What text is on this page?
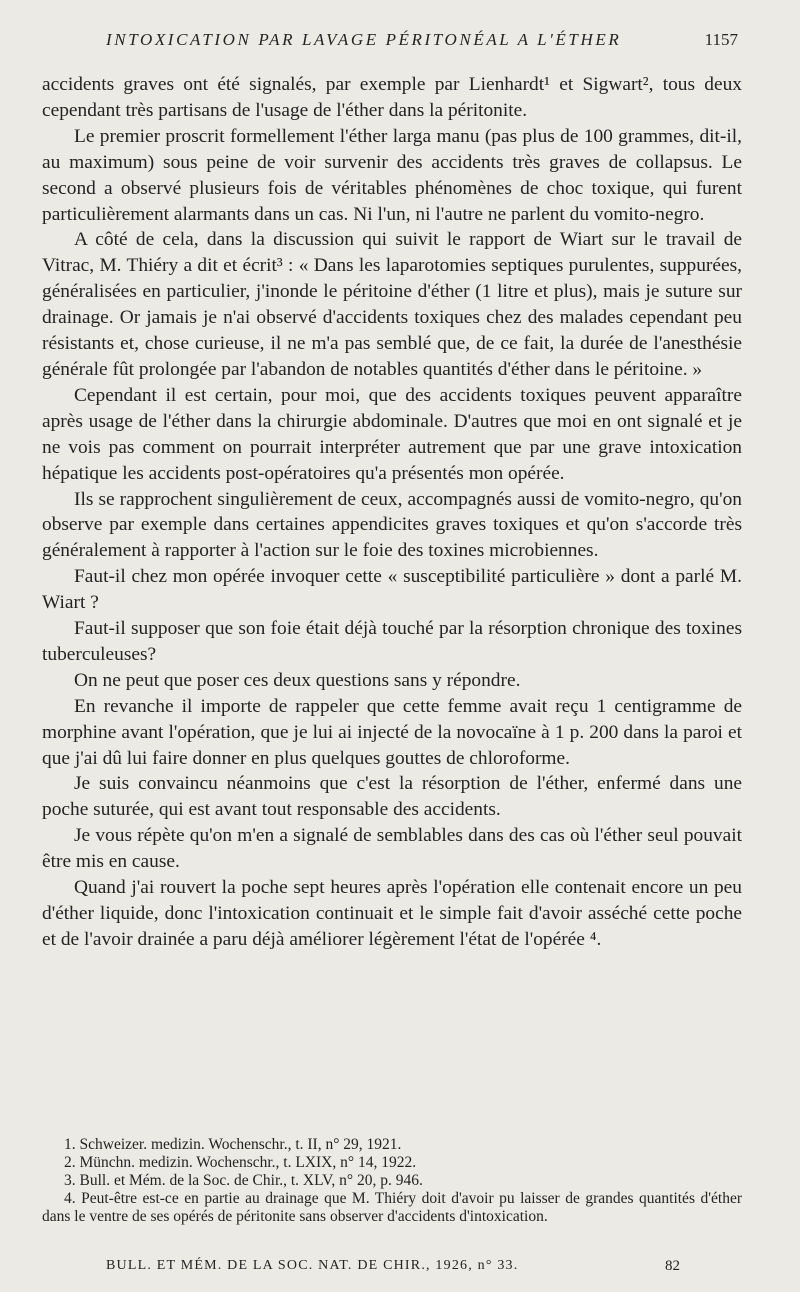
INTOXICATION PAR LAVAGE PÉRITONÉAL A L'ÉTHER	1157

accidents graves ont été signalés, par exemple par Lienhardt¹ et Sigwart², tous deux cependant très partisans de l'usage de l'éther dans la péritonite.

Le premier proscrit formellement l'éther larga manu (pas plus de 100 grammes, dit-il, au maximum) sous peine de voir survenir des accidents très graves de collapsus. Le second a observé plusieurs fois de véritables phénomènes de choc toxique, qui furent particulièrement alarmants dans un cas. Ni l'un, ni l'autre ne parlent du vomito-negro.

A côté de cela, dans la discussion qui suivit le rapport de Wiart sur le travail de Vitrac, M. Thiéry a dit et écrit³ : « Dans les laparotomies septiques purulentes, suppurées, généralisées en particulier, j'inonde le péritoine d'éther (1 litre et plus), mais je suture sur drainage. Or jamais je n'ai observé d'accidents toxiques chez des malades cependant peu résistants et, chose curieuse, il ne m'a pas semblé que, de ce fait, la durée de l'anesthésie générale fût prolongée par l'abandon de notables quantités d'éther dans le péritoine. »

Cependant il est certain, pour moi, que des accidents toxiques peuvent apparaître après usage de l'éther dans la chirurgie abdominale. D'autres que moi en ont signalé et je ne vois pas comment on pourrait interpréter autrement que par une grave intoxication hépatique les accidents post-opératoires qu'a présentés mon opérée.

Ils se rapprochent singulièrement de ceux, accompagnés aussi de vomito-negro, qu'on observe par exemple dans certaines appendicites graves toxiques et qu'on s'accorde très généralement à rapporter à l'action sur le foie des toxines microbiennes.

Faut-il chez mon opérée invoquer cette « susceptibilité particulière » dont a parlé M. Wiart ?

Faut-il supposer que son foie était déjà touché par la résorption chronique des toxines tuberculeuses?

On ne peut que poser ces deux questions sans y répondre.

En revanche il importe de rappeler que cette femme avait reçu 1 centigramme de morphine avant l'opération, que je lui ai injecté de la novocaïne à 1 p. 200 dans la paroi et que j'ai dû lui faire donner en plus quelques gouttes de chloroforme.

Je suis convaincu néanmoins que c'est la résorption de l'éther, enfermé dans une poche suturée, qui est avant tout responsable des accidents.

Je vous répète qu'on m'en a signalé de semblables dans des cas où l'éther seul pouvait être mis en cause.

Quand j'ai rouvert la poche sept heures après l'opération elle contenait encore un peu d'éther liquide, donc l'intoxication continuait et le simple fait d'avoir asséché cette poche et de l'avoir drainée a paru déjà améliorer légèrement l'état de l'opérée ⁴.

1. Schweizer. medizin. Wochenschr., t. II, n° 29, 1921.

2. Münchn. medizin. Wochenschr., t. LXIX, n° 14, 1922.

3. Bull. et Mém. de la Soc. de Chir., t. XLV, n° 20, p. 946.

4. Peut-être est-ce en partie au drainage que M. Thiéry doit d'avoir pu laisser de grandes quantités d'éther dans le ventre de ses opérés de péritonite sans observer d'accidents d'intoxication.

BULL. ET MÉM. DE LA SOC. NAT. DE CHIR., 1926, n° 33.	82
